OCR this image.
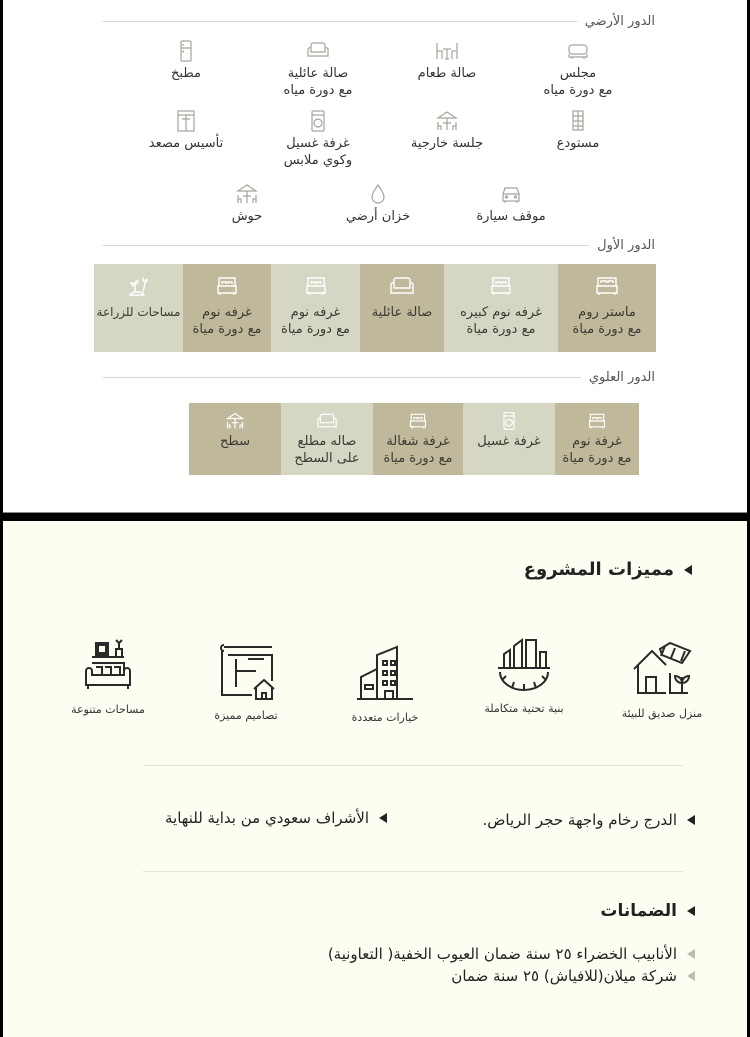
الدور الأرضي
مجلس
مع دورة مياه
صالة طعام
صالة عائلية
مع دورة مياه
مطبخ
مستودع
جلسة خارجية
غرفة غسيل
وكوي ملابس
تأسيس مصعد
موقف سيارة
خزان أرضي
حوش
الدور الأول
ماستر روم
مع دورة مياة
غرفه نوم كبيره
مع دورة مياة
صالة عائلية
غرفه نوم
مع دورة مياة
غرفه نوم
مع دورة مياة
مساحات للزراعة
الدور العلوي
غرفة نوم
مع دورة مياة
غرفة غسيل
غرفة شغالة
مع دورة مياة
صاله مطلع
على السطح
سطح
مميزات المشروع
منزل صديق للبيئة
بنية تحتية متكاملة
خيارات متعددة
تصاميم مميزة
مساحات متنوعة
الدرج رخام واجهة حجر الرياض.
الأشراف سعودي من بداية للنهاية
الضمانات
الأنابيب الخضراء ٢٥ سنة ضمان العيوب الخفية( التعاونية)
شركة ميلان(للافياش) ٢٥ سنة ضمان
